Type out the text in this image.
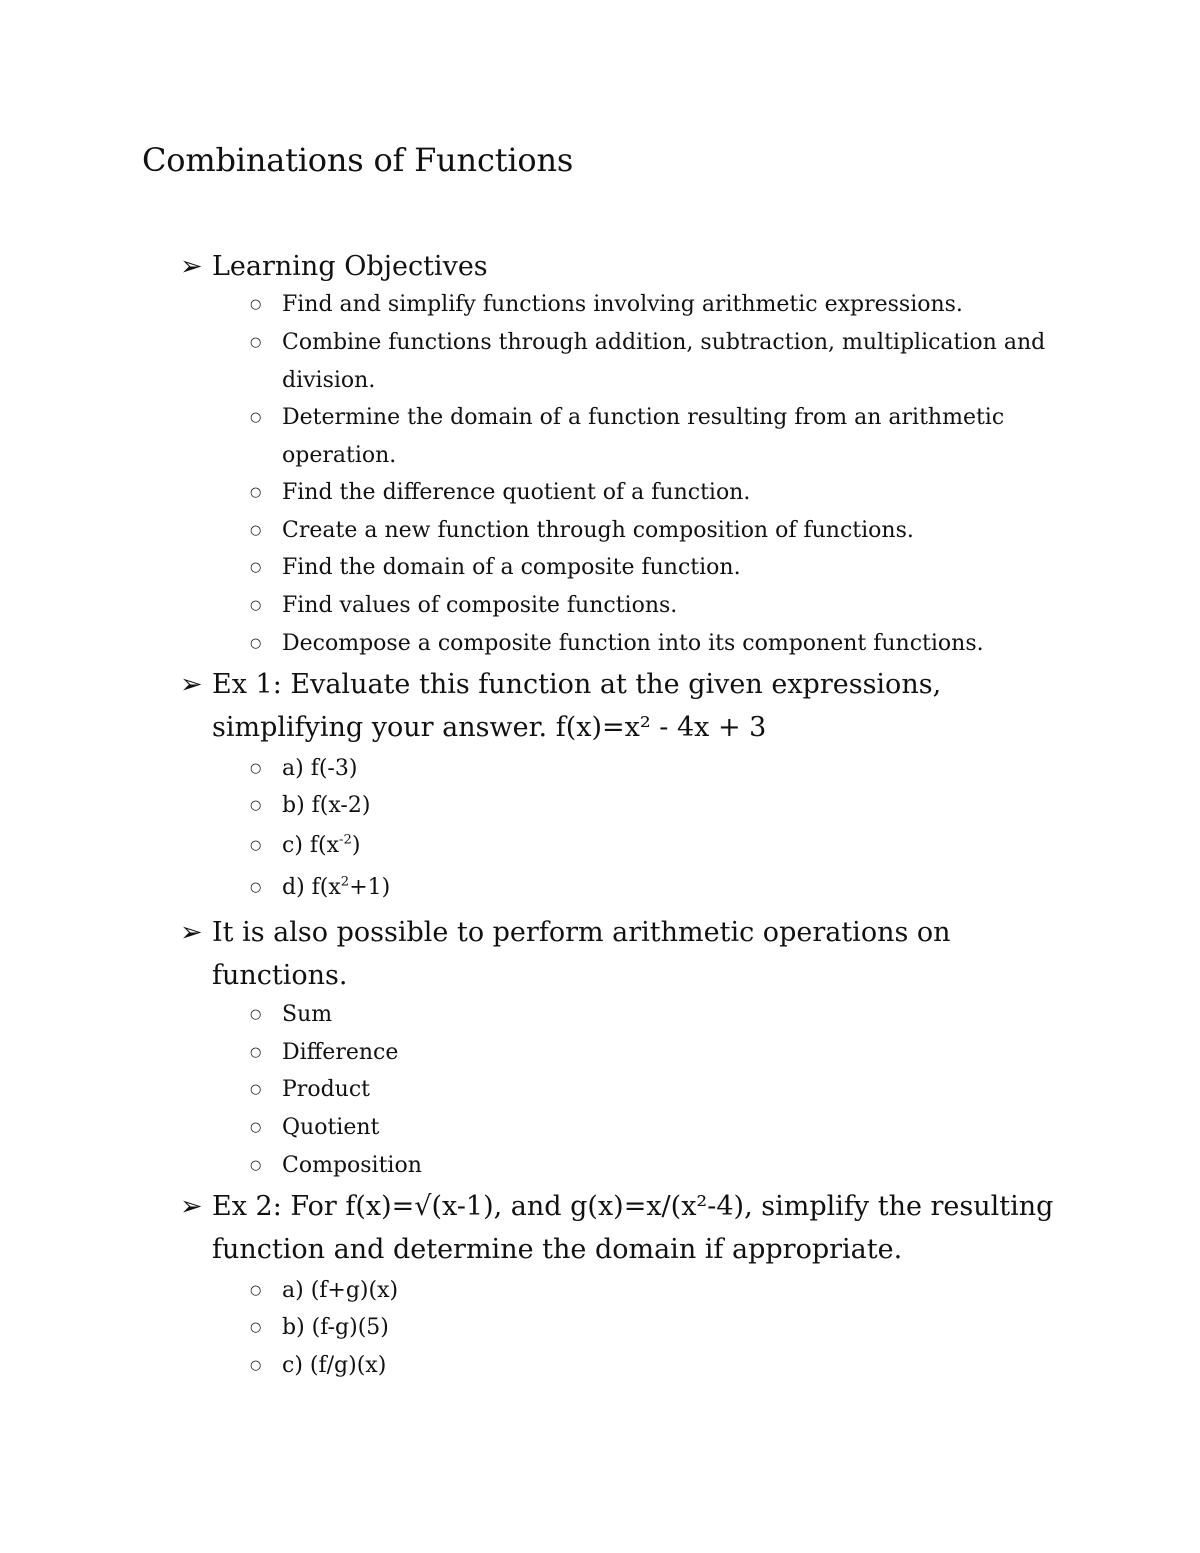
Combinations of Functions
➢ Learning Objectives
○ Find and simplify functions involving arithmetic expressions.
○ Combine functions through addition, subtraction, multiplication and division.
○ Determine the domain of a function resulting from an arithmetic operation.
○ Find the difference quotient of a function.
○ Create a new function through composition of functions.
○ Find the domain of a composite function.
○ Find values of composite functions.
○ Decompose a composite function into its component functions.
➢ Ex 1: Evaluate this function at the given expressions, simplifying your answer. f(x)=x² - 4x + 3
○ a) f(-3)
○ b) f(x-2)
○ c) $f(x^{-2})$
○ d) $f(x^2+1)$
➢ It is also possible to perform arithmetic operations on functions.
○ Sum
○ Difference
○ Product
○ Quotient
○ Composition
➢ Ex 2: For f(x)=√(x-1), and g(x)=x/(x²-4), simplify the resulting function and determine the domain if appropriate.
○ a) (f+g)(x)
○ b) (f-g)(5)
○ c) (f/g)(x)
